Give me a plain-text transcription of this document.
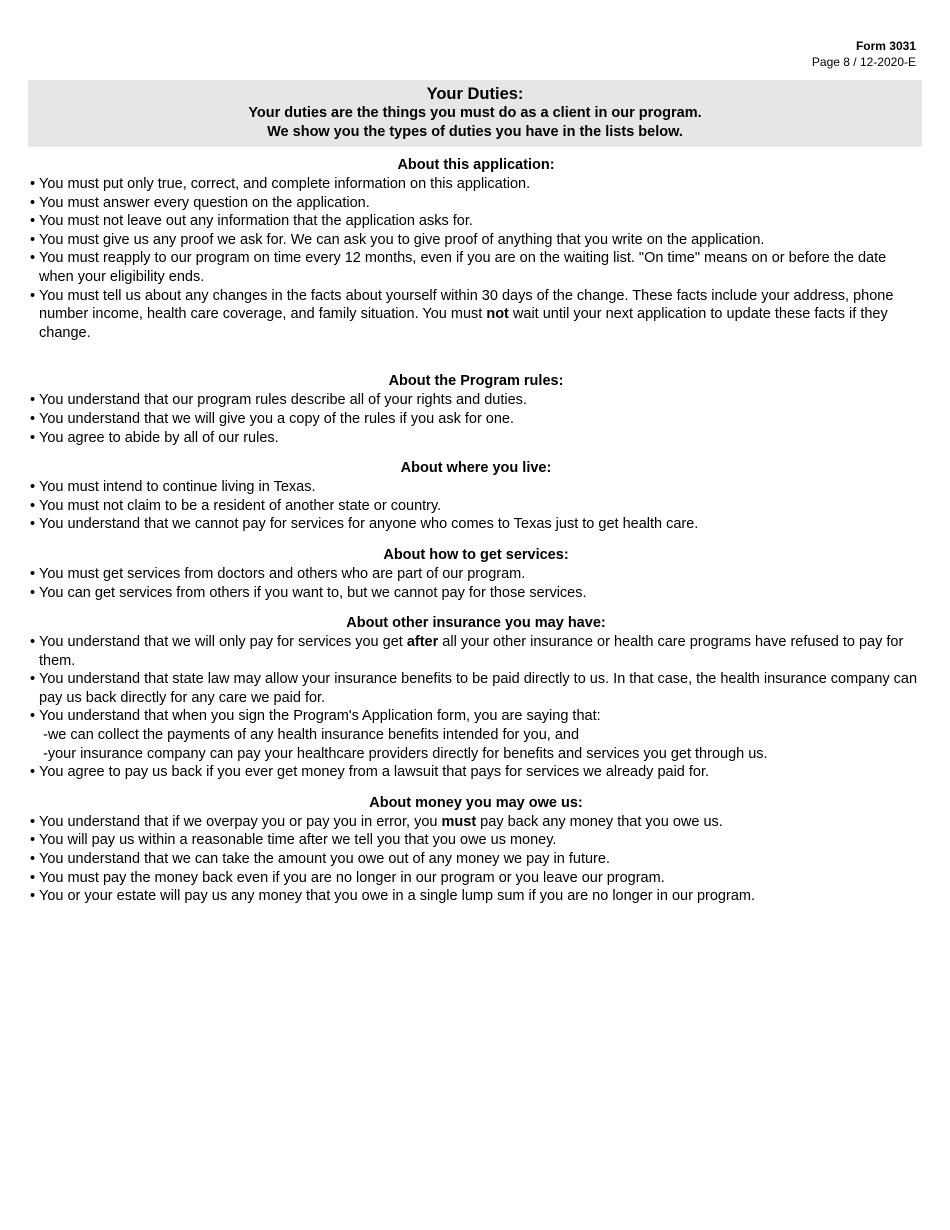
Form 3031
Page 8 / 12-2020-E
Your Duties:
Your duties are the things you must do as a client in our program.
We show you the types of duties you have in the lists below.

About this application:

• You must put only true, correct, and complete information on this application.
• You must answer every question on the application.
• You must not leave out any information that the application asks for.
• You must give us any proof we ask for. We can ask you to give proof of anything that you write on the application.
• You must reapply to our program on time every 12 months, even if you are on the waiting list. "On time" means on or before the date when your eligibility ends.
• You must tell us about any changes in the facts about yourself within 30 days of the change. These facts include your address, phone number income, health care coverage, and family situation. You must not wait until your next application to update these facts if they change.

About the Program rules:

• You understand that our program rules describe all of your rights and duties.
• You understand that we will give you a copy of the rules if you ask for one.
• You agree to abide by all of our rules.

About where you live:

• You must intend to continue living in Texas.
• You must not claim to be a resident of another state or country.
• You understand that we cannot pay for services for anyone who comes to Texas just to get health care.

About how to get services:

• You must get services from doctors and others who are part of our program.
• You can get services from others if you want to, but we cannot pay for those services.

About other insurance you may have:

• You understand that we will only pay for services you get after all your other insurance or health care programs have refused to pay for them.
• You understand that state law may allow your insurance benefits to be paid directly to us. In that case, the health insurance company can pay us back directly for any care we paid for.
• You understand that when you sign the Program's Application form, you are saying that:
-we can collect the payments of any health insurance benefits intended for you, and
-your insurance company can pay your healthcare providers directly for benefits and services you get through us.
• You agree to pay us back if you ever get money from a lawsuit that pays for services we already paid for.

About money you may owe us:

• You understand that if we overpay you or pay you in error, you must pay back any money that you owe us.
• You will pay us within a reasonable time after we tell you that you owe us money.
• You understand that we can take the amount you owe out of any money we pay in future.
• You must pay the money back even if you are no longer in our program or you leave our program.
• You or your estate will pay us any money that you owe in a single lump sum if you are no longer in our program.
